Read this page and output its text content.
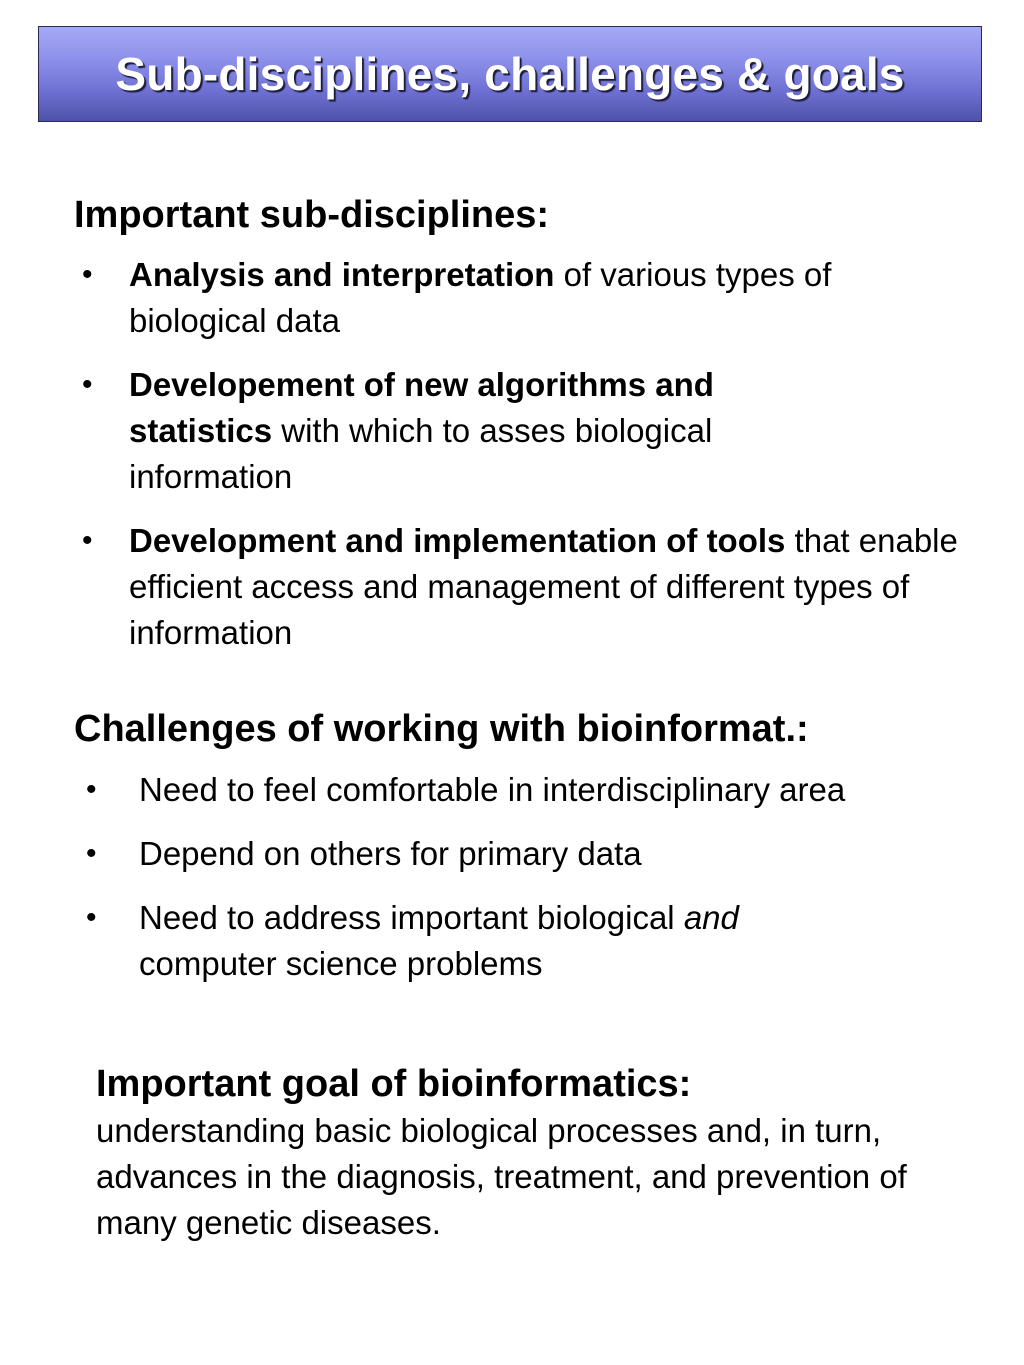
Sub-disciplines, challenges & goals
Important sub-disciplines:
• Analysis and interpretation of various types of biological data
• Developement of new algorithms and statistics with which to asses biological information
• Development and implementation of tools that enable efficient access and management of different types of information
Challenges of working with bioinformat.:
• Need to feel comfortable in interdisciplinary area
• Depend on others for primary data
• Need to address important biological and computer science problems
Important goal of bioinformatics:
understanding basic biological processes and, in turn, advances in the diagnosis, treatment, and prevention of many genetic diseases.
